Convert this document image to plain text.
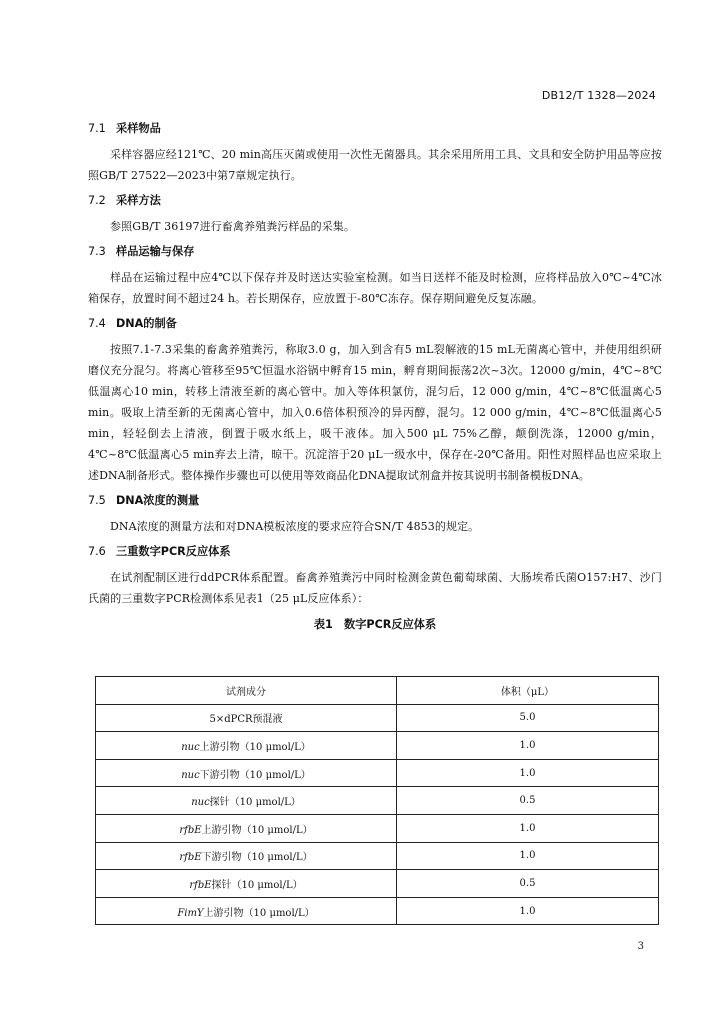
DB12/T 1328—2024

7.1 采样物品

采样容器应经121℃、20 min高压灭菌或使用一次性无菌器具。其余采用所用工具、文具和安全防护用品等应按照GB/T 27522—2023中第7章规定执行。

7.2 采样方法

参照GB/T 36197进行畜禽养殖粪污样品的采集。

7.3 样品运输与保存

样品在运输过程中应4℃以下保存并及时送达实验室检测。如当日送样不能及时检测，应将样品放入0℃~4℃冰箱保存，放置时间不超过24 h。若长期保存，应放置于-80℃冻存。保存期间避免反复冻融。

7.4 DNA的制备

按照7.1-7.3采集的畜禽养殖粪污，称取3.0 g，加入到含有5 mL裂解液的15 mL无菌离心管中，并使用组织研磨仪充分混匀。将离心管移至95℃恒温水浴锅中孵育15 min，孵育期间振荡2次~3次。12000 g/min，4℃~8℃低温离心10 min，转移上清液至新的离心管中。加入等体积氯仿，混匀后，12 000 g/min，4℃~8℃低温离心5 min。吸取上清至新的无菌离心管中，加入0.6倍体积预冷的异丙醇，混匀。12 000 g/min，4℃~8℃低温离心5 min，轻轻倒去上清液，倒置于吸水纸上，吸干液体。加入500 μL 75%乙醇，颠倒洗涤，12000 g/min，4℃~8℃低温离心5 min弃去上清，晾干。沉淀溶于20 μL一级水中，保存在-20℃备用。阳性对照样品也应采取上述DNA制备形式。整体操作步骤也可以使用等效商品化DNA提取试剂盒并按其说明书制备模板DNA。

7.5 DNA浓度的测量

DNA浓度的测量方法和对DNA模板浓度的要求应符合SN/T 4853的规定。

7.6 三重数字PCR反应体系

在试剂配制区进行ddPCR体系配置。畜禽养殖粪污中同时检测金黄色葡萄球菌、大肠埃希氏菌O157:H7、沙门氏菌的三重数字PCR检测体系见表1（25 μL反应体系）：

表1　数字PCR反应体系

试剂成分	体积（μL）
5×dPCR预混液	5.0
nuc上游引物（10 μmol/L）	1.0
nuc下游引物（10 μmol/L）	1.0
nuc探针（10 μmol/L）	0.5
rfbE上游引物（10 μmol/L）	1.0
rfbE下游引物（10 μmol/L）	1.0
rfbE探针（10 μmol/L）	0.5
FimY上游引物（10 μmol/L）	1.0
3
